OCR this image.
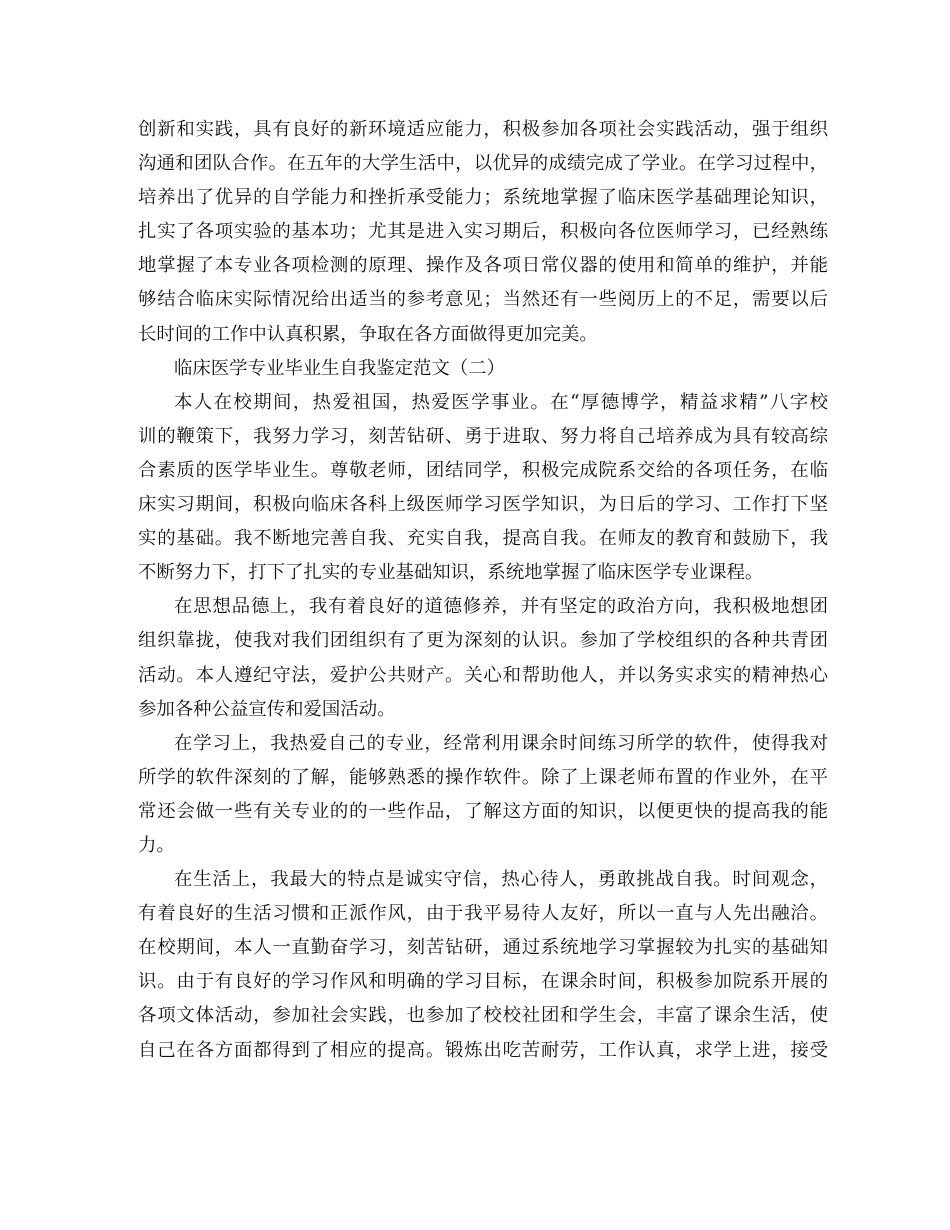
创新和实践，具有良好的新环境适应能力，积极参加各项社会实践活动，强于组织
沟通和团队合作。在五年的大学生活中，以优异的成绩完成了学业。在学习过程中，
培养出了优异的自学能力和挫折承受能力；系统地掌握了临床医学基础理论知识，
扎实了各项实验的基本功；尤其是进入实习期后，积极向各位医师学习，已经熟练
地掌握了本专业各项检测的原理、操作及各项日常仪器的使用和简单的维护，并能
够结合临床实际情况给出适当的参考意见；当然还有一些阅历上的不足，需要以后
长时间的工作中认真积累，争取在各方面做得更加完美。
临床医学专业毕业生自我鉴定范文（二）
本人在校期间，热爱祖国，热爱医学事业。在“厚德博学，精益求精”八字校
训的鞭策下，我努力学习，刻苦钻研、勇于进取、努力将自己培养成为具有较高综
合素质的医学毕业生。尊敬老师，团结同学，积极完成院系交给的各项任务，在临
床实习期间，积极向临床各科上级医师学习医学知识，为日后的学习、工作打下坚
实的基础。我不断地完善自我、充实自我，提高自我。在师友的教育和鼓励下，我
不断努力下，打下了扎实的专业基础知识，系统地掌握了临床医学专业课程。
在思想品德上，我有着良好的道德修养，并有坚定的政治方向，我积极地想团
组织靠拢，使我对我们团组织有了更为深刻的认识。参加了学校组织的各种共青团
活动。本人遵纪守法，爱护公共财产。关心和帮助他人，并以务实求实的精神热心
参加各种公益宣传和爱国活动。
在学习上，我热爱自己的专业，经常利用课余时间练习所学的软件，使得我对
所学的软件深刻的了解，能够熟悉的操作软件。除了上课老师布置的作业外，在平
常还会做一些有关专业的的一些作品，了解这方面的知识，以便更快的提高我的能
力。
在生活上，我最大的特点是诚实守信，热心待人，勇敢挑战自我。时间观念，
有着良好的生活习惯和正派作风，由于我平易待人友好，所以一直与人先出融洽。
在校期间，本人一直勤奋学习，刻苦钻研，通过系统地学习掌握较为扎实的基础知
识。由于有良好的学习作风和明确的学习目标，在课余时间，积极参加院系开展的
各项文体活动，参加社会实践，也参加了校校社团和学生会，丰富了课余生活，使
自己在各方面都得到了相应的提高。锻炼出吃苦耐劳，工作认真，求学上进，接受
